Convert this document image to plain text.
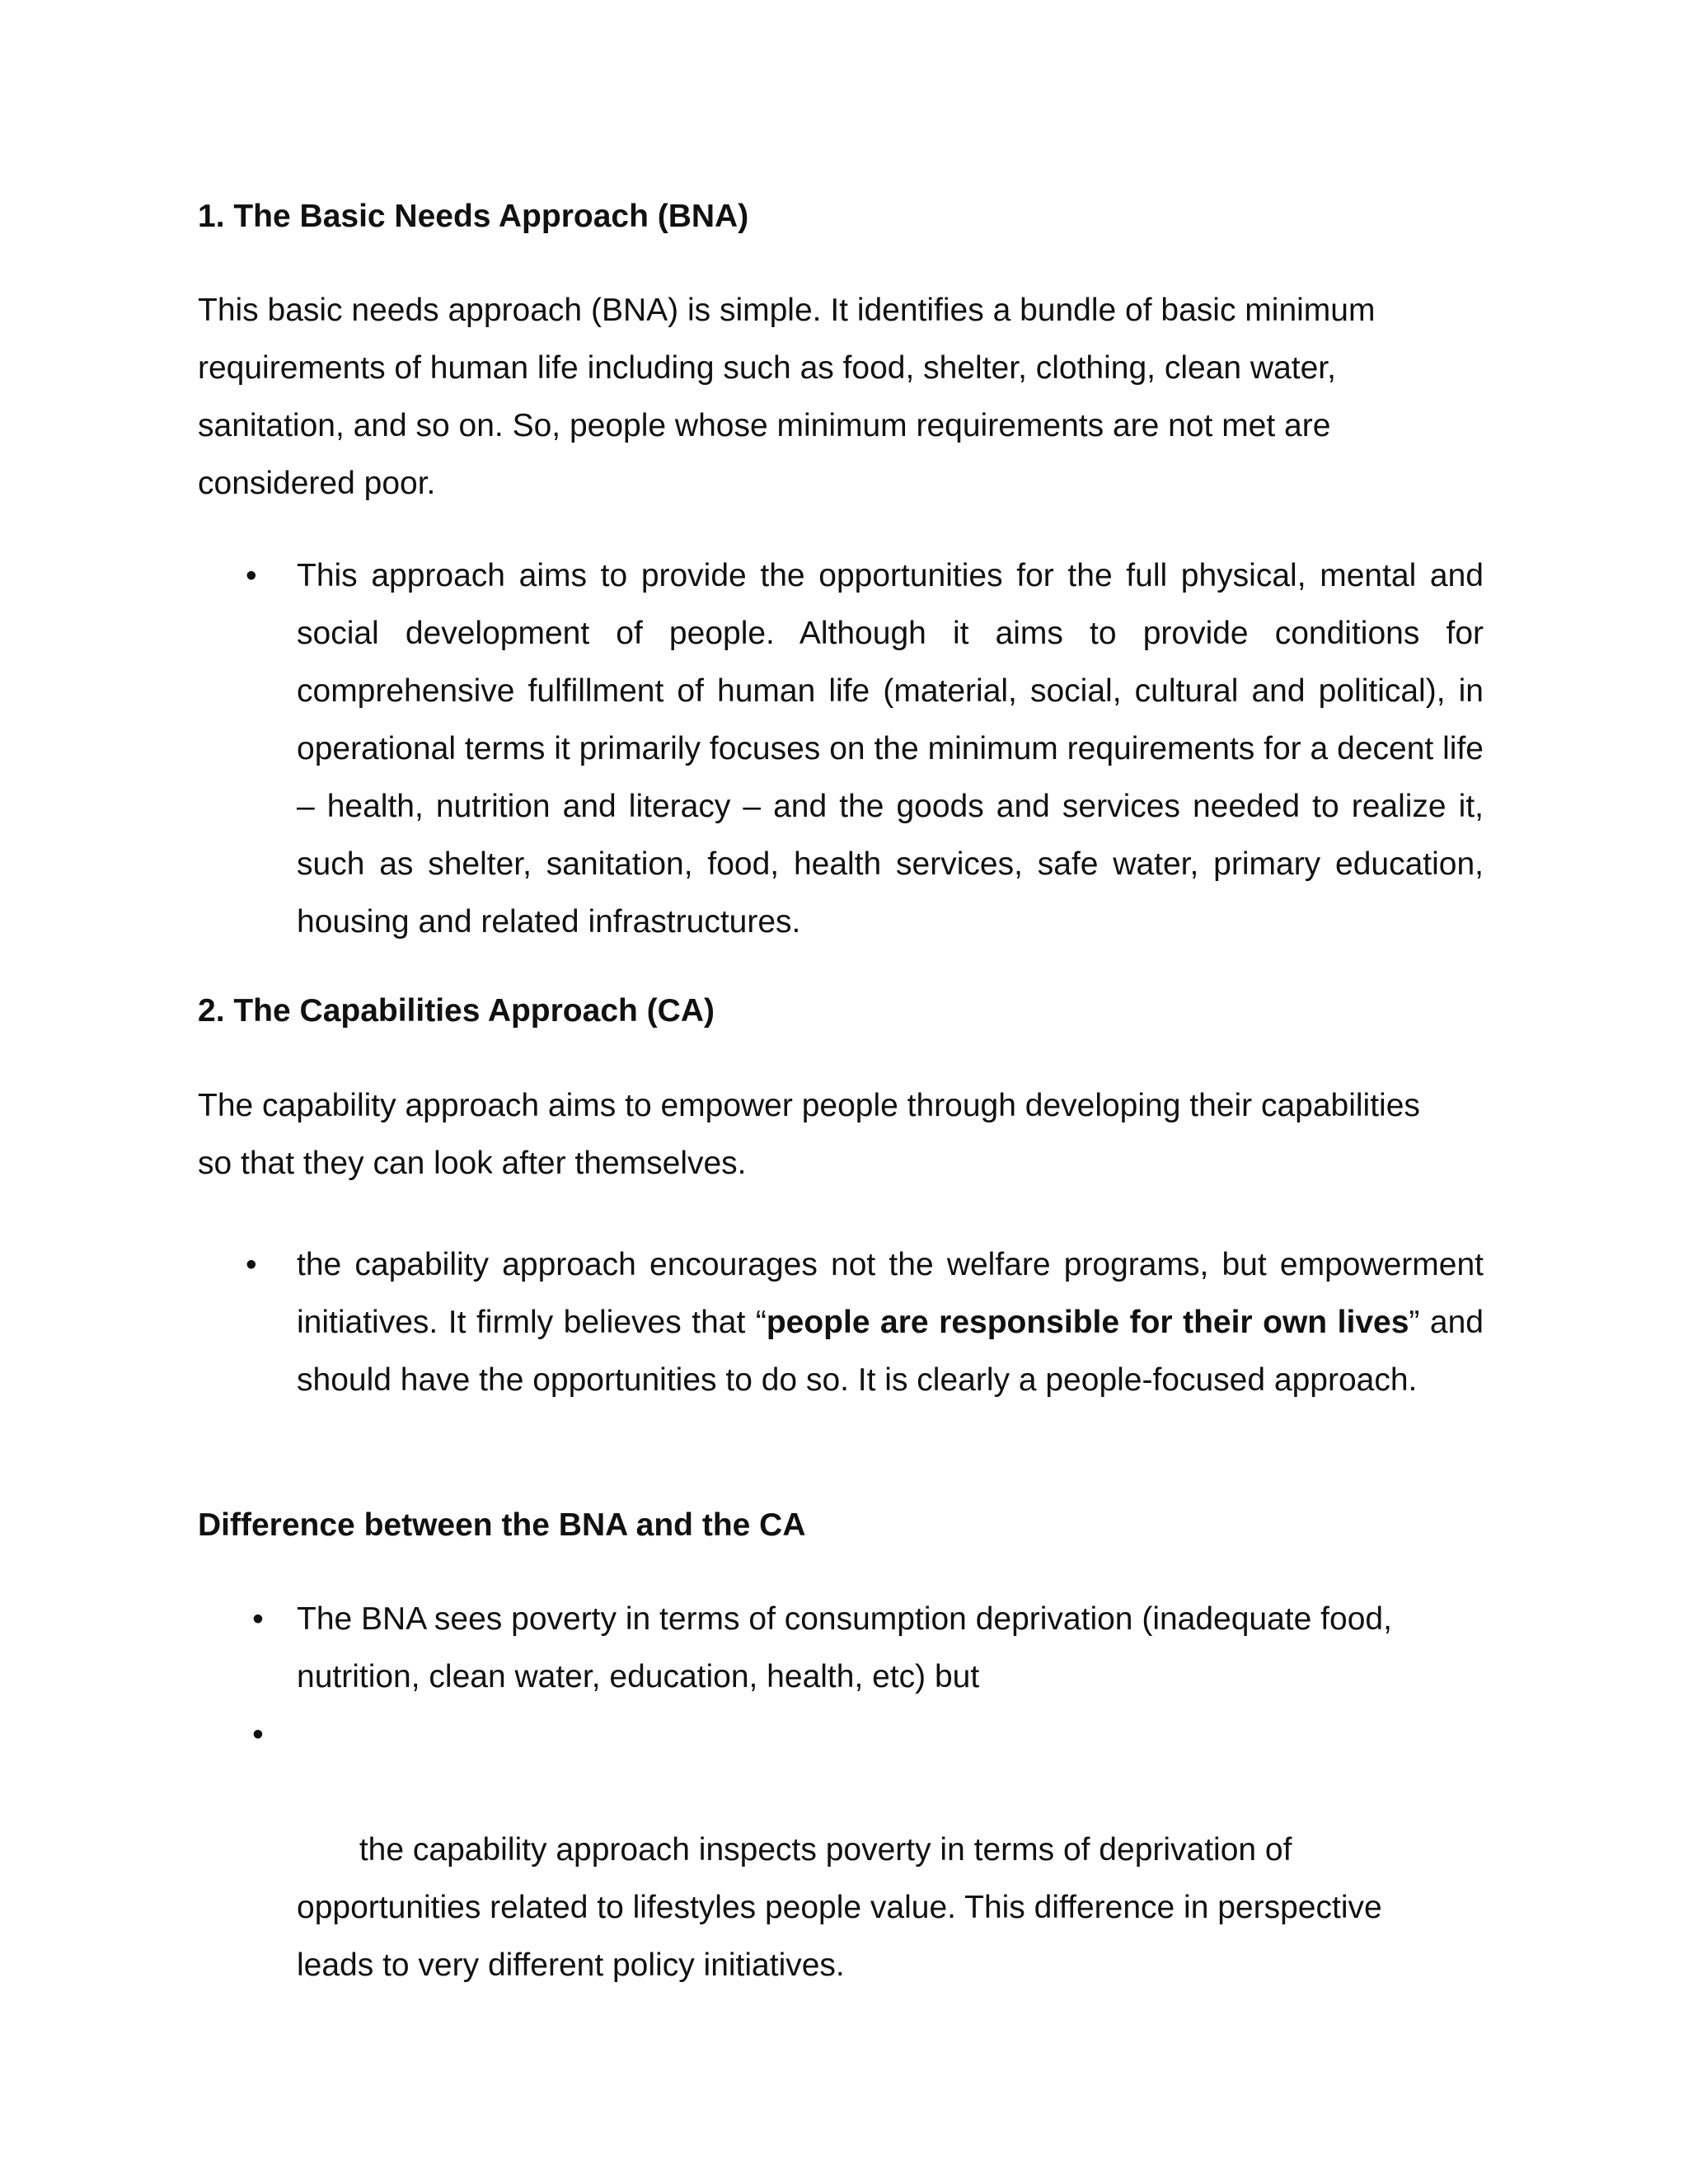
1. The Basic Needs Approach (BNA)

This basic needs approach (BNA) is simple. It identifies a bundle of basic minimum requirements of human life including such as food, shelter, clothing, clean water, sanitation, and so on. So, people whose minimum requirements are not met are considered poor.

•	This approach aims to provide the opportunities for the full physical, mental and social development of people. Although it aims to provide conditions for comprehensive fulfillment of human life (material, social, cultural and political), in operational terms it primarily focuses on the minimum requirements for a decent life – health, nutrition and literacy – and the goods and services needed to realize it, such as shelter, sanitation, food, health services, safe water, primary education, housing and related infrastructures.
2. The Capabilities Approach (CA)

The capability approach aims to empower people through developing their capabilities so that they can look after themselves.

•	the capability approach encourages not the welfare programs, but empowerment initiatives. It firmly believes that “people are responsible for their own lives” and should have the opportunities to do so. It is clearly a people-focused approach.
Difference between the BNA and the CA
• The BNA sees poverty in terms of consumption deprivation (inadequate food, nutrition, clean water, education, health, etc) but

•

the capability approach inspects poverty in terms of deprivation of opportunities related to lifestyles people value. This difference in perspective leads to very different policy initiatives.
